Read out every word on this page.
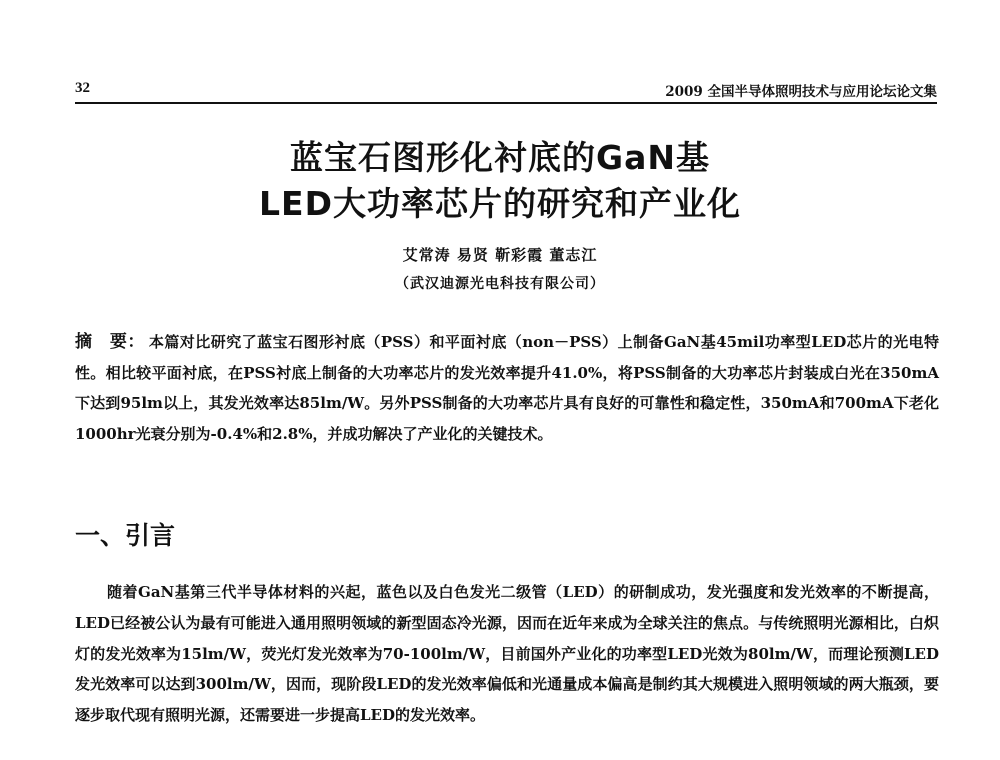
32	2009 全国半导体照明技术与应用论坛论文集
蓝宝石图形化衬底的GaN基
LED大功率芯片的研究和产业化
艾常涛 易贤 靳彩霞 董志江
（武汉迪源光电科技有限公司）
摘　要： 本篇对比研究了蓝宝石图形衬底（PSS）和平面衬底（non－PSS）上制备GaN基45mil功率型LED芯片的光电特性。相比较平面衬底，在PSS衬底上制备的大功率芯片的发光效率提升41.0%，将PSS制备的大功率芯片封装成白光在350mA下达到95lm以上，其发光效率达85lm/W。另外PSS制备的大功率芯片具有良好的可靠性和稳定性，350mA和700mA下老化1000hr光衰分别为-0.4%和2.8%，并成功解决了产业化的关键技术。
一、引言

随着GaN基第三代半导体材料的兴起，蓝色以及白色发光二级管（LED）的研制成功，发光强度和发光效率的不断提高，LED已经被公认为最有可能进入通用照明领域的新型固态冷光源，因而在近年来成为全球关注的焦点。与传统照明光源相比，白炽灯的发光效率为15lm/W，荧光灯发光效率为70-100lm/W，目前国外产业化的功率型LED光效为80lm/W，而理论预测LED发光效率可以达到300lm/W，因而，现阶段LED的发光效率偏低和光通量成本偏高是制约其大规模进入照明领域的两大瓶颈，要逐步取代现有照明光源，还需要进一步提高LED的发光效率。
